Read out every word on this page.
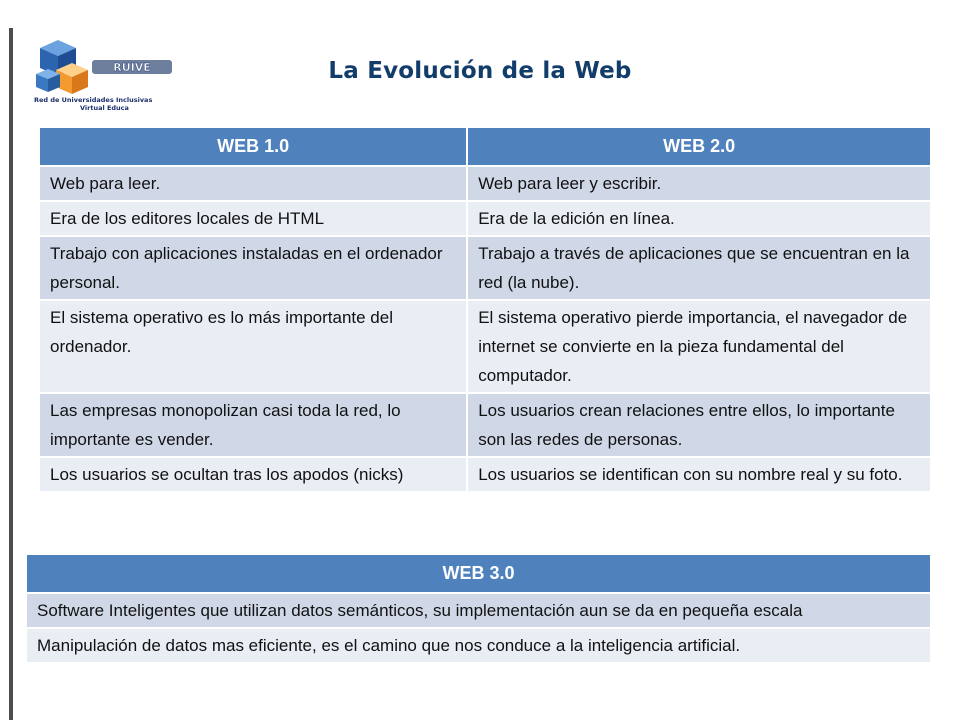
RUIVE
Red de Universidades Inclusivas
Virtual Educa
La Evolución de la Web
WEB 1.0	WEB 2.0
Web para leer.	Web para leer y escribir.
Era de los editores locales de HTML	Era de la edición en línea.
Trabajo con aplicaciones instaladas en el ordenador personal.	Trabajo a través de aplicaciones que se encuentran en la red (la nube).
El sistema operativo es lo más importante del ordenador.	El sistema operativo pierde importancia, el navegador de internet se convierte en la pieza fundamental del computador.
Las empresas monopolizan casi toda la red, lo importante es vender.	Los usuarios crean relaciones entre ellos, lo importante son las redes de personas.
Los usuarios se ocultan tras los apodos (nicks)	Los usuarios se identifican con su nombre real y su foto.
WEB 3.0
Software Inteligentes que utilizan datos semánticos, su implementación aun se da en pequeña escala
Manipulación de datos mas eficiente, es el camino que nos conduce a la inteligencia artificial.
